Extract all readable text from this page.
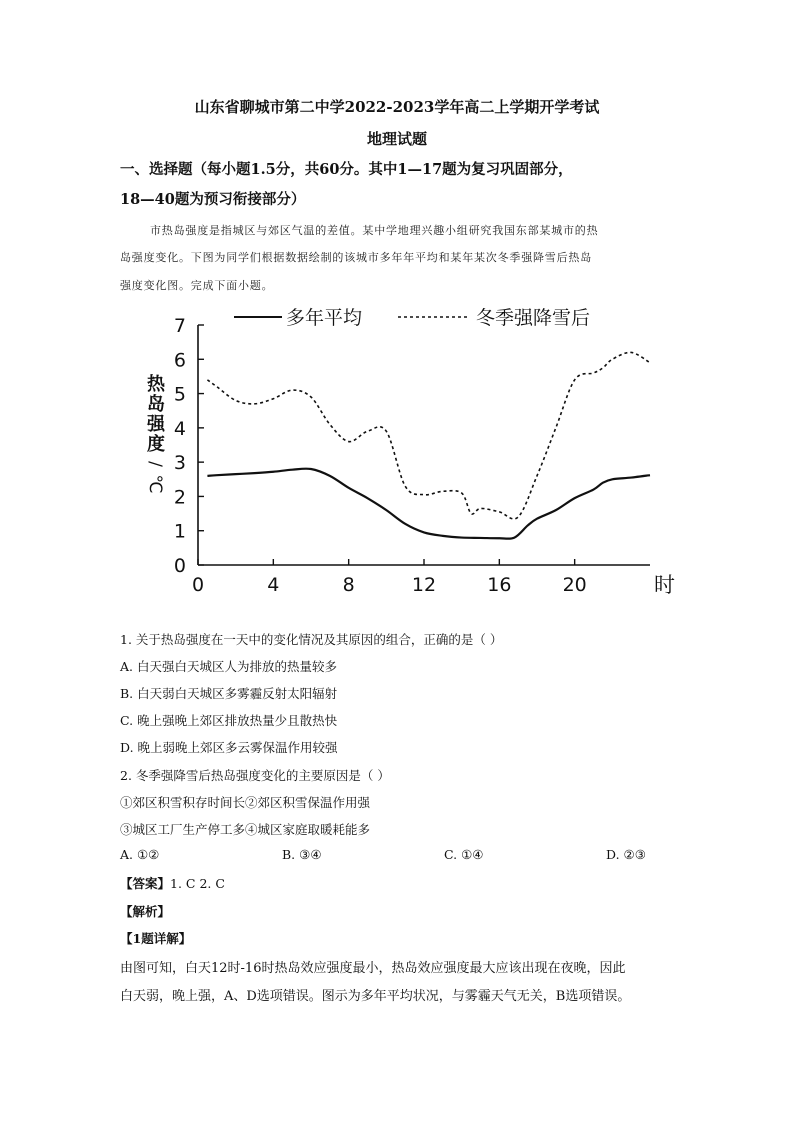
山东省聊城市第二中学2022-2023学年高二上学期开学考试
地理试题
一、选择题（每小题1.5分，共60分。其中1—17题为复习巩固部分，
18—40题为预习衔接部分）
市热岛强度是指城区与郊区气温的差值。某中学地理兴趣小组研究我国东部某城市的热
岛强度变化。下图为同学们根据数据绘制的该城市多年年平均和某年某次冬季强降雪后热岛
强度变化图。完成下面小题。
多年平均	冬季强降雪后
0
1
2
3
4
5
6
7
0	4	8	12	16	20	时
热
岛
强
度
/
℃
1. 关于热岛强度在一天中的变化情况及其原因的组合，正确的是（ ）
A. 白天强白天城区人为排放的热量较多
B. 白天弱白天城区多雾霾反射太阳辐射
C. 晚上强晚上郊区排放热量少且散热快
D. 晚上弱晚上郊区多云雾保温作用较强
2. 冬季强降雪后热岛强度变化的主要原因是（ ）
①郊区积雪积存时间长②郊区积雪保温作用强
③城区工厂生产停工多④城区家庭取暖耗能多
A. ①②	B. ③④	C. ①④	D. ②③
【答案】1. C 2. C
【解析】
【1题详解】
由图可知，白天12时-16时热岛效应强度最小，热岛效应强度最大应该出现在夜晚，因此
白天弱，晚上强，A、D选项错误。图示为多年平均状况，与雾霾天气无关，B选项错误。
